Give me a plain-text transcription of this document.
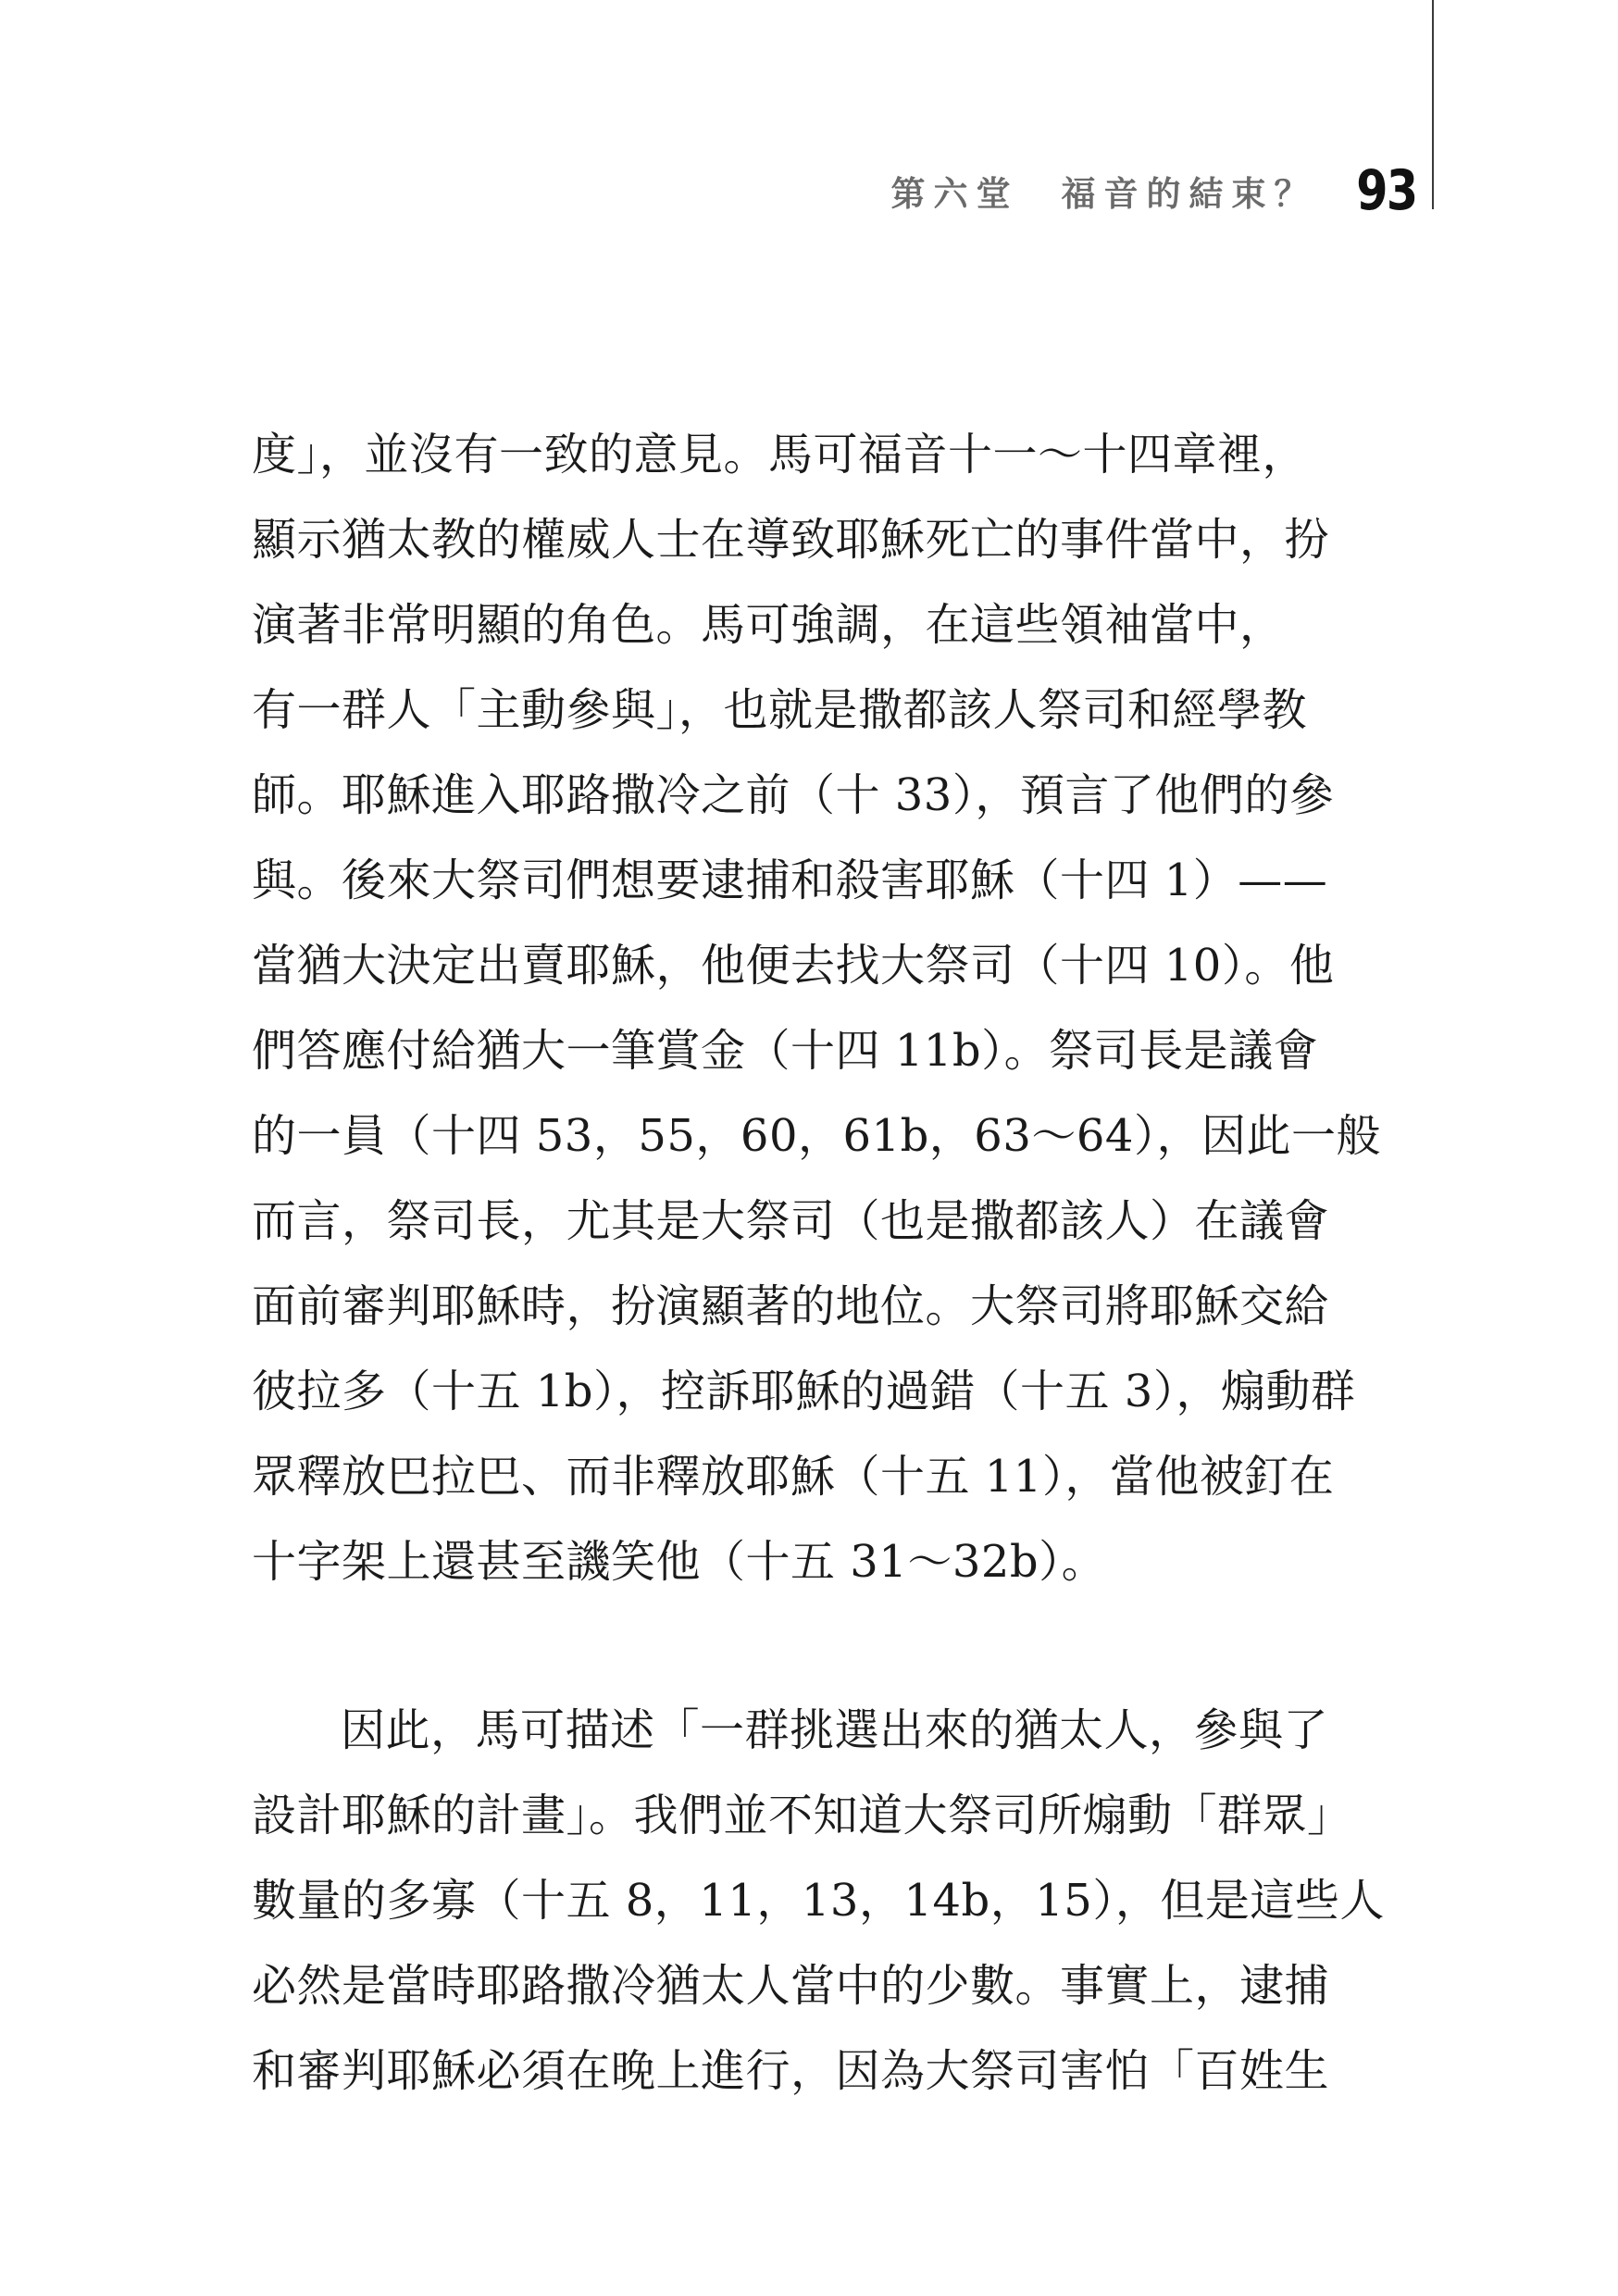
第六堂　福音的結束？ 93
度」，並沒有一致的意見。馬可福音十一～十四章裡，
顯示猶太教的權威人士在導致耶穌死亡的事件當中，扮
演著非常明顯的角色。馬可強調，在這些領袖當中，
有一群人「主動參與」，也就是撒都該人祭司和經學教
師。耶穌進入耶路撒冷之前（十 33），預言了他們的參
與。後來大祭司們想要逮捕和殺害耶穌（十四 1）——
當猶大決定出賣耶穌，他便去找大祭司（十四 10）。他
們答應付給猶大一筆賞金（十四 11b）。祭司長是議會
的一員（十四 53，55，60，61b，63～64），因此一般
而言，祭司長，尤其是大祭司（也是撒都該人）在議會
面前審判耶穌時，扮演顯著的地位。大祭司將耶穌交給
彼拉多（十五 1b），控訴耶穌的過錯（十五 3），煽動群
眾釋放巴拉巴、而非釋放耶穌（十五 11），當他被釘在
十字架上還甚至譏笑他（十五 31～32b）。
因此，馬可描述「一群挑選出來的猶太人，參與了
設計耶穌的計畫」。我們並不知道大祭司所煽動「群眾」
數量的多寡（十五 8，11，13，14b，15），但是這些人
必然是當時耶路撒冷猶太人當中的少數。事實上，逮捕
和審判耶穌必須在晚上進行，因為大祭司害怕「百姓生
